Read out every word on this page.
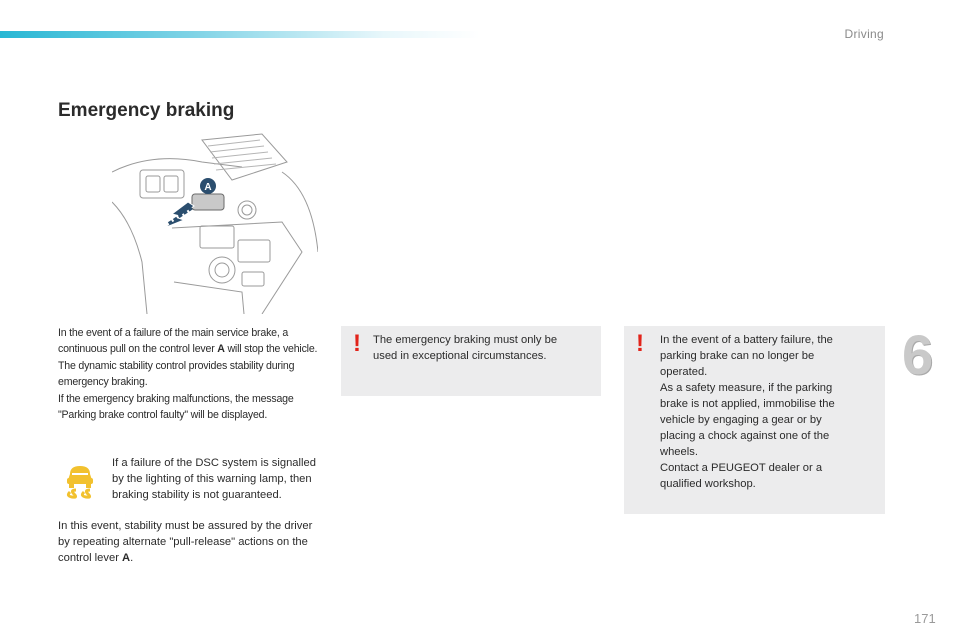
Driving
6
Emergency braking
A

In the event of a failure of the main service brake, a continuous pull on the control lever A will stop the vehicle.

The dynamic stability control provides stability during emergency braking.

If the emergency braking malfunctions, the message "Parking brake control faulty" will be displayed.

If a failure of the DSC system is signalled by the lighting of this warning lamp, then braking stability is not guaranteed.
In this event, stability must be assured by the driver by repeating alternate "pull-release" actions on the control lever A.
! The emergency braking must only be used in exceptional circumstances.	! In the event of a battery failure, the parking brake can no longer be operated.

As a safety measure, if the parking brake is not applied, immobilise the vehicle by engaging a gear or by placing a chock against one of the wheels.

Contact a PEUGEOT dealer or a qualified workshop.

171
